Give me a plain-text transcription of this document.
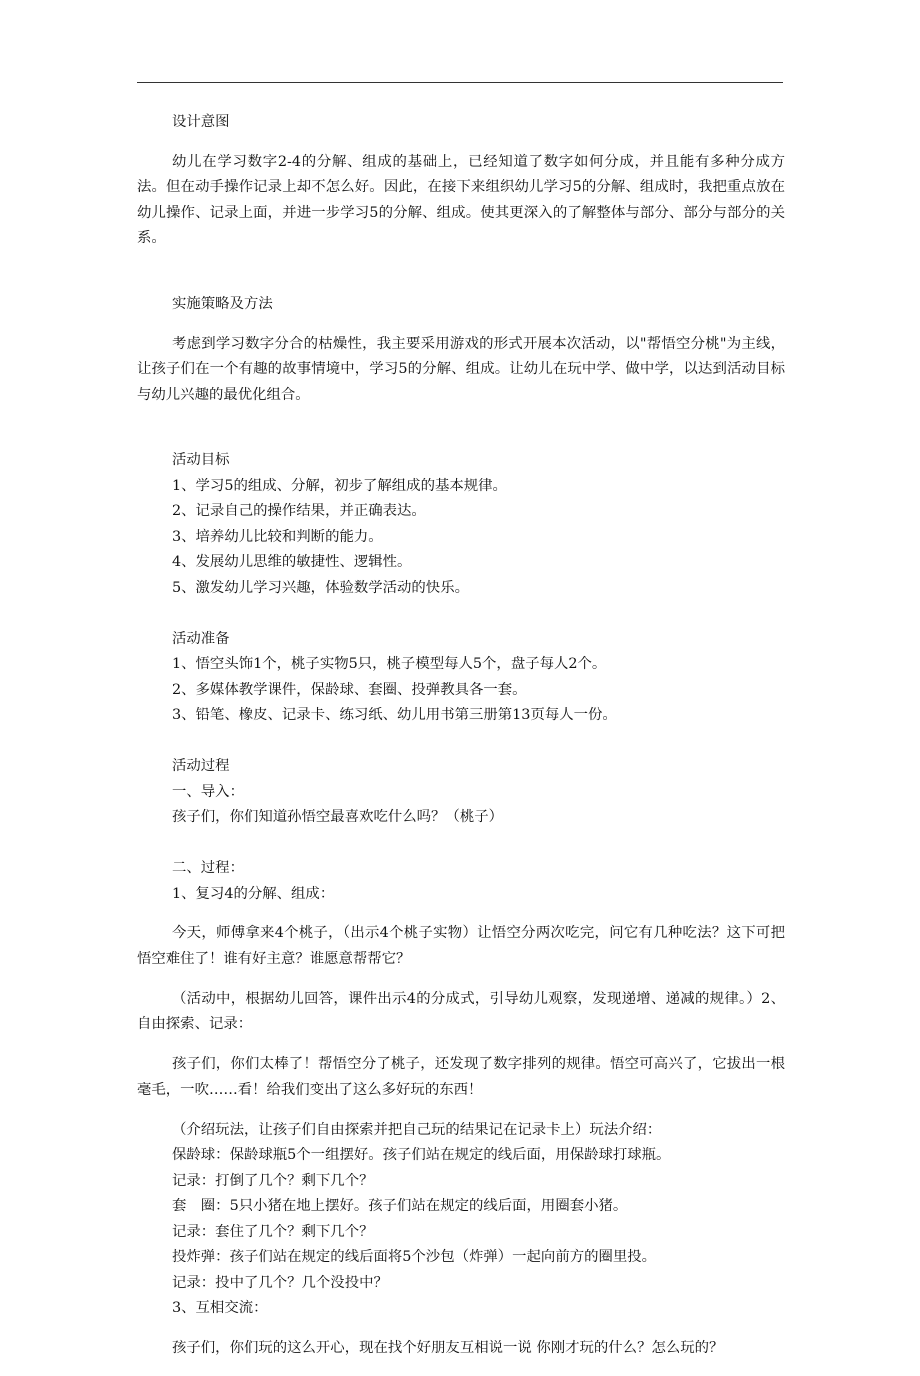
设计意图

幼儿在学习数字2-4的分解、组成的基础上，已经知道了数字如何分成，并且能有多种分成方法。但在动手操作记录上却不怎么好。因此，在接下来组织幼儿学习5的分解、组成时，我把重点放在幼儿操作、记录上面，并进一步学习5的分解、组成。使其更深入的了解整体与部分、部分与部分的关系。

实施策略及方法

考虑到学习数字分合的枯燥性，我主要采用游戏的形式开展本次活动，以"帮悟空分桃"为主线，让孩子们在一个有趣的故事情境中，学习5的分解、组成。让幼儿在玩中学、做中学，以达到活动目标与幼儿兴趣的最优化组合。

活动目标

1、学习5的组成、分解，初步了解组成的基本规律。

2、记录自己的操作结果，并正确表达。

3、培养幼儿比较和判断的能力。

4、发展幼儿思维的敏捷性、逻辑性。

5、激发幼儿学习兴趣，体验数学活动的快乐。

活动准备

1、悟空头饰1个，桃子实物5只，桃子模型每人5个，盘子每人2个。

2、多媒体教学课件，保龄球、套圈、投弹教具各一套。

3、铅笔、橡皮、记录卡、练习纸、幼儿用书第三册第13页每人一份。

活动过程

一、导入：

孩子们，你们知道孙悟空最喜欢吃什么吗？（桃子）

二、过程：

1、复习4的分解、组成：

今天，师傅拿来4个桃子，（出示4个桃子实物）让悟空分两次吃完，问它有几种吃法？这下可把悟空难住了！谁有好主意？谁愿意帮帮它？

（活动中，根据幼儿回答，课件出示4的分成式，引导幼儿观察，发现递增、递减的规律。）2、自由探索、记录：

孩子们，你们太棒了！帮悟空分了桃子，还发现了数字排列的规律。悟空可高兴了，它拔出一根毫毛，一吹……看！给我们变出了这么多好玩的东西！

（介绍玩法，让孩子们自由探索并把自己玩的结果记在记录卡上）玩法介绍：

保龄球：保龄球瓶5个一组摆好。孩子们站在规定的线后面，用保龄球打球瓶。

记录：打倒了几个？剩下几个？

套　圈：5只小猪在地上摆好。孩子们站在规定的线后面，用圈套小猪。

记录：套住了几个？剩下几个？

投炸弹：孩子们站在规定的线后面将5个沙包（炸弹）一起向前方的圈里投。

记录：投中了几个？几个没投中？

3、互相交流：

孩子们，你们玩的这么开心，现在找个好朋友互相说一说 你刚才玩的什么？怎么玩的？
